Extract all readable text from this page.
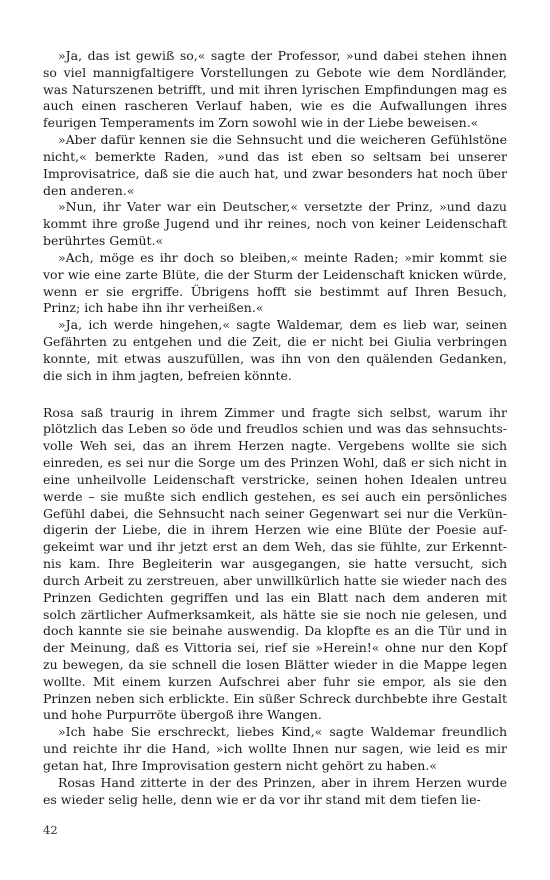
»Ja, das ist gewiß so,« sagte der Professor, »und dabei stehen ihnen so viel mannigfaltigere Vorstellungen zu Gebote wie dem Nordländer, was Naturszenen betrifft, und mit ihren lyrischen Empfindungen mag es auch einen rascheren Verlauf haben, wie es die Aufwallungen ihres feurigen Temperaments im Zorn sowohl wie in der Liebe beweisen.«

»Aber dafür kennen sie die Sehnsucht und die weicheren Gefühlstöne nicht,« bemerkte Raden, »und das ist eben so seltsam bei unserer Improvisatrice, daß sie die auch hat, und zwar besonders hat noch über den anderen.«

»Nun, ihr Vater war ein Deutscher,« versetzte der Prinz, »und dazu kommt ihre große Jugend und ihr reines, noch von keiner Leidenschaft berührtes Gemüt.«

»Ach, möge es ihr doch so bleiben,« meinte Raden; »mir kommt sie vor wie eine zarte Blüte, die der Sturm der Leidenschaft knicken würde, wenn er sie ergriffe. Übrigens hofft sie bestimmt auf Ihren Besuch, Prinz; ich habe ihn ihr verheißen.«

»Ja, ich werde hingehen,« sagte Waldemar, dem es lieb war, seinen Gefährten zu entgehen und die Zeit, die er nicht bei Giulia verbringen konnte, mit etwas auszufüllen, was ihn von den quälenden Gedanken, die sich in ihm jagten, befreien könnte.

Rosa saß traurig in ihrem Zimmer und fragte sich selbst, warum ihr plötzlich das Leben so öde und freudlos schien und was das sehnsuchtsvolle Weh sei, das an ihrem Herzen nagte. Vergebens wollte sie sich einreden, es sei nur die Sorge um des Prinzen Wohl, daß er sich nicht in eine unheilvolle Leidenschaft verstricke, seinen hohen Idealen untreu werde – sie mußte sich endlich gestehen, es sei auch ein persönliches Gefühl dabei, die Sehnsucht nach seiner Gegenwart sei nur die Verkündigerin der Liebe, die in ihrem Herzen wie eine Blüte der Poesie aufgekeimt war und ihr jetzt erst an dem Weh, das sie fühlte, zur Erkenntnis kam. Ihre Begleiterin war ausgegangen, sie hatte versucht, sich durch Arbeit zu zerstreuen, aber unwillkürlich hatte sie wieder nach des Prinzen Gedichten gegriffen und las ein Blatt nach dem anderen mit solch zärtlicher Aufmerksamkeit, als hätte sie sie noch nie gelesen, und doch kannte sie sie beinahe auswendig. Da klopfte es an die Tür und in der Meinung, daß es Vittoria sei, rief sie »Herein!« ohne nur den Kopf zu bewegen, da sie schnell die losen Blätter wieder in die Mappe legen wollte. Mit einem kurzen Aufschrei aber fuhr sie empor, als sie den Prinzen neben sich erblickte. Ein süßer Schreck durchbebte ihre Gestalt und hohe Purpurröte übergoß ihre Wangen.

»Ich habe Sie erschreckt, liebes Kind,« sagte Waldemar freundlich und reichte ihr die Hand, »ich wollte Ihnen nur sagen, wie leid es mir getan hat, Ihre Improvisation gestern nicht gehört zu haben.«

Rosas Hand zitterte in der des Prinzen, aber in ihrem Herzen wurde es wieder selig helle, denn wie er da vor ihr stand mit dem tiefen lie-

42
